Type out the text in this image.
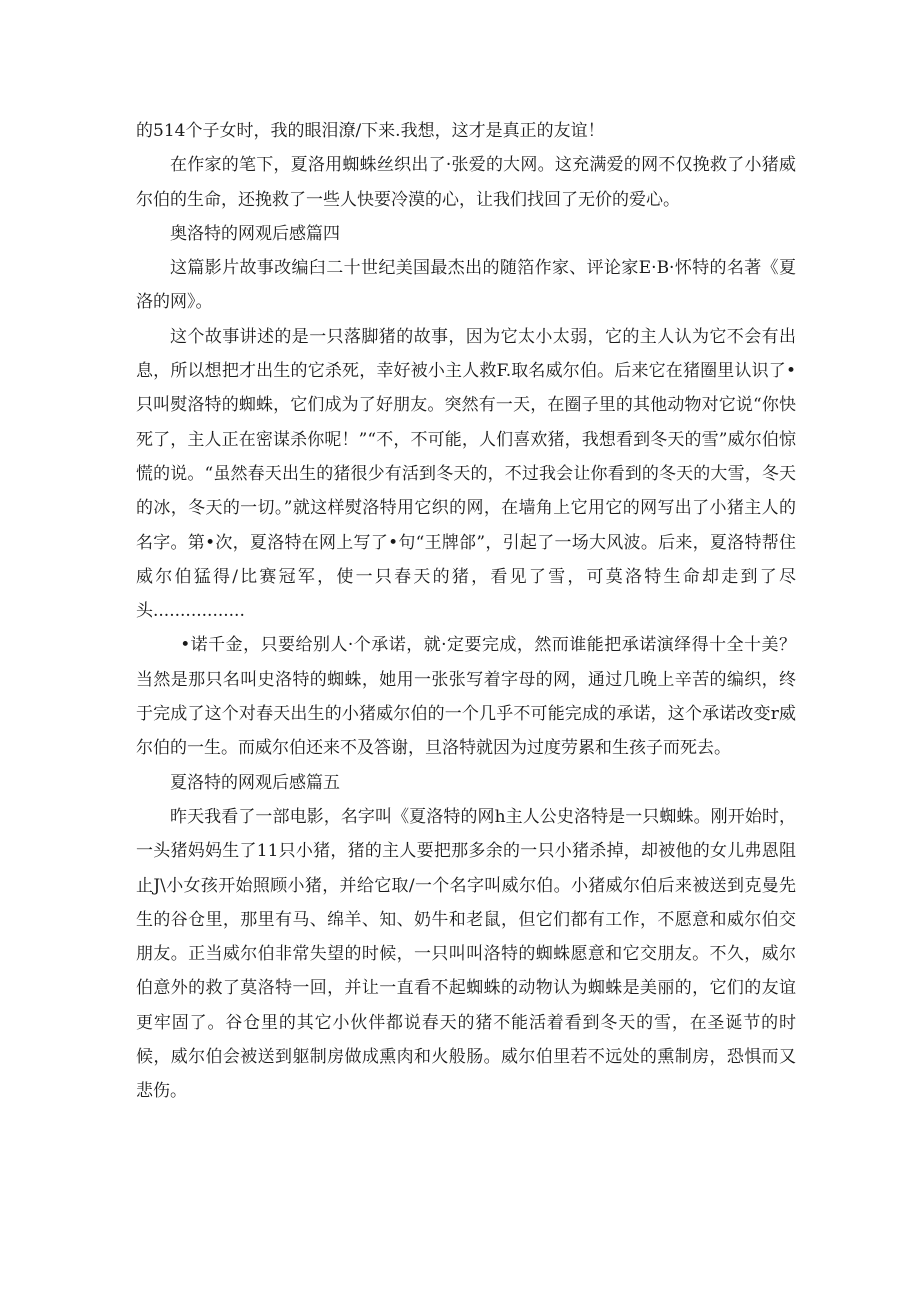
的514个子女时，我的眼泪潦/下来.我想，这才是真正的友谊！

在作家的笔下，夏洛用蜘蛛丝织出了·张爱的大网。这充满爱的网不仅挽救了小猪威尔伯的生命，还挽救了一些人快要冷漠的心，让我们找回了无价的爱心。

奥洛特的网观后感篇四

这篇影片故事改编臼二十世纪美国最杰出的随箔作家、评论家E·B·怀特的名著《夏洛的网》。

这个故事讲述的是一只落脚猪的故事，因为它太小太弱，它的主人认为它不会有出息，所以想把才出生的它杀死，幸好被小主人救F.取名威尔伯。后来它在猪圈里认识了•只叫熨洛特的蜘蛛，它们成为了好朋友。突然有一天，在圈子里的其他动物对它说“你快死了，主人正在密谋杀你呢！”“不，不可能，人们喜欢猪，我想看到冬天的雪”威尔伯惊慌的说。“虽然春天出生的猪很少有活到冬天的，不过我会让你看到的冬天的大雪，冬天的冰，冬天的一切。”就这样熨洛特用它织的网，在墙角上它用它的网写出了小猪主人的名字。第•次，夏洛特在网上写了•句“王牌郃”，引起了一场大风波。后来，夏洛特帮住威尔伯猛得/比赛冠军，使一只春天的猪，看见了雪，可莫洛特生命却走到了尽头.................

•诺千金，只要给别人·个承诺，就·定要完成，然而谁能把承诺演绎得十全十美？当然是那只名叫史洛特的蜘蛛，她用一张张写着字母的网，通过几晚上辛苦的编织，终于完成了这个对春天出生的小猪威尔伯的一个几乎不可能完成的承诺，这个承诺改变r威尔伯的一生。而威尔伯还来不及答谢，旦洛特就因为过度劳累和生孩子而死去。

夏洛特的网观后感篇五

昨天我看了一部电影，名字叫《夏洛特的网h主人公史洛特是一只蜘蛛。刚开始时，一头猪妈妈生了11只小猪，猪的主人要把那多余的一只小猪杀掉，却被他的女儿弗恩阻止J\小女孩开始照顾小猪，并给它取/一个名字叫威尔伯。小猪威尔伯后来被送到克曼先生的谷仓里，那里有马、绵羊、知、奶牛和老鼠，但它们都有工作，不愿意和威尔伯交朋友。正当威尔伯非常失望的时候，一只叫叫洛特的蜘蛛愿意和它交朋友。不久，威尔伯意外的救了莫洛特一回，并让一直看不起蜘蛛的动物认为蜘蛛是美丽的，它们的友谊更牢固了。谷仓里的其它小伙伴都说春天的猪不能活着看到冬天的雪，在圣诞节的时候，威尔伯会被送到躯制房做成熏肉和火般肠。威尔伯里若不远处的熏制房，恐惧而又悲伤。
